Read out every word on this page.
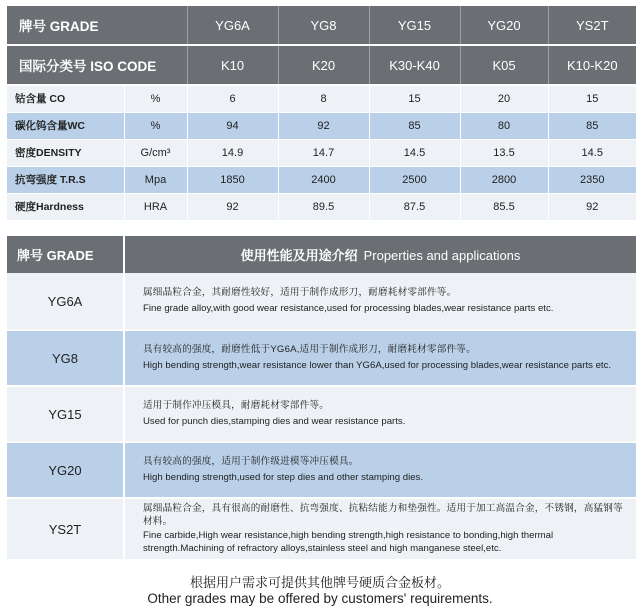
牌号 GRADE		YG6A	YG8	YG15	YG20	YS2T
国际分类号 ISO CODE		K10	K20	K30-K40	K05	K10-K20
钴含量 CO	%	6	8	15	20	15
碳化钨含量WC	%	94	92	85	80	85
密度DENSITY	G/cm³	14.9	14.7	14.5	13.5	14.5
抗弯强度 T.R.S	Mpa	1850	2400	2500	2800	2350
硬度Hardness	HRA	92	89.5	87.5	85.5	92
牌号 GRADE	使用性能及用途介绍 Properties and applications
YG6A	属细晶粒合金，其耐磨性较好，适用于制作成形刀，耐磨耗材零部件等。
Fine grade alloy,with good wear resistance,used for processing blades,wear resistance parts etc.

YG8	具有较高的强度，耐磨性低于YG6A,适用于制作成形刀，耐磨耗材零部件等。
High bending strength,wear resistance lower than YG6A,used for processing blades,wear resistance parts etc.

YG15	适用于制作冲压模具，耐磨耗材零部件等。
Used for punch dies,stamping dies and wear resistance parts.

YG20	具有较高的强度，适用于制作级进模等冲压模具。
High bending strength,used for step dies and other stamping dies.

YS2T	属细晶粒合金，具有很高的耐磨性、抗弯强度、抗粘结能力和垫强性。适用于加工高温合金，不锈钢，高猛钢等材料。
Fine carbide,High wear resistance,high bending strength,high resistance to bonding,high thermal strength.Machining of refractory alloys,stainless steel and high manganese steel,etc.
根据用户需求可提供其他牌号硬质合金板材。
Other grades may be offered by customers' requirements.
